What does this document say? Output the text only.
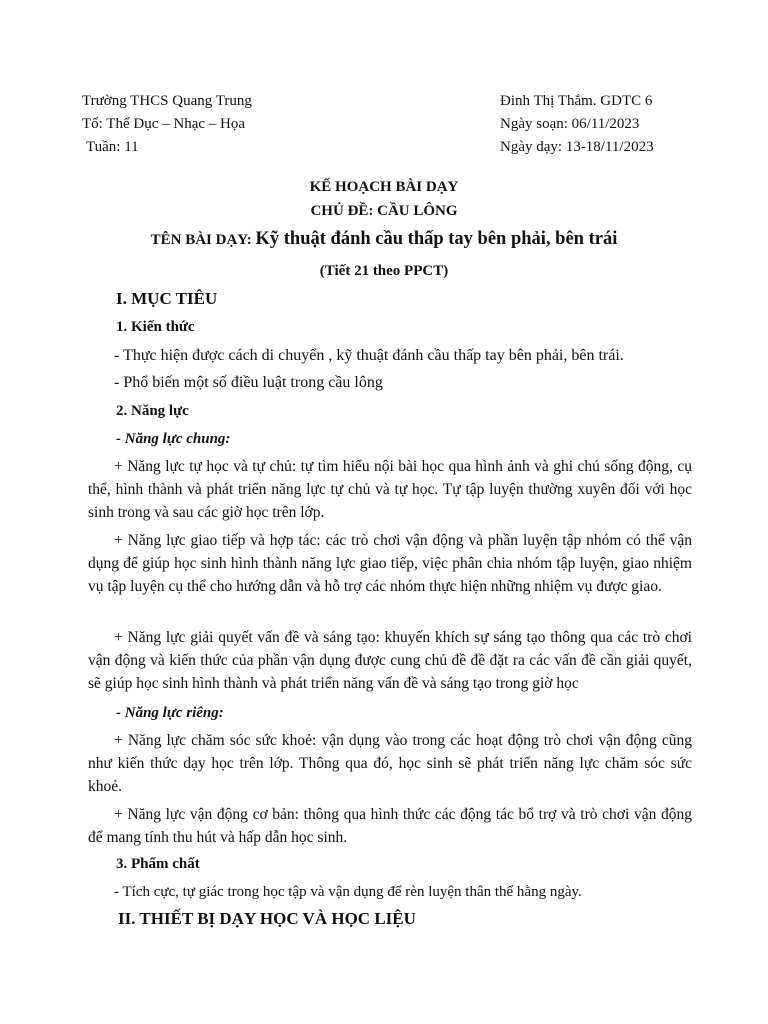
Trường THCS Quang Trung
Tổ: Thể Dục – Nhạc – Họa
Tuần: 11
Đinh Thị Thắm. GDTC 6
Ngày soạn: 06/11/2023
Ngày dạy: 13-18/11/2023
KẾ HOẠCH BÀI DẠY
CHỦ ĐỀ: CẦU LÔNG
TÊN BÀI DẠY: Kỹ thuật đánh cầu thấp tay bên phải, bên trái
(Tiết 21 theo PPCT)
I. MỤC TIÊU
1. Kiến thức
- Thực hiện được cách di chuyển , kỹ thuật đánh cầu thấp tay bên phải, bên trái.
- Phổ biến một số điều luật trong cầu lông
2. Năng lực
- Năng lực chung:
+ Năng lực tự học và tự chủ: tự tìm hiểu nội bài học qua hình ảnh và ghi chú sống động, cụ thể, hình thành và phát triển năng lực tự chủ và tự học. Tự tập luyện thường xuyên đối với học sinh trong và sau các giờ học trên lớp.
+ Năng lực giao tiếp và hợp tác: các trò chơi vận động và phần luyện tập nhóm có thể vận dụng để giúp học sinh hình thành năng lực giao tiếp, việc phân chia nhóm tập luyện, giao nhiệm vụ tập luyện cụ thể cho hướng dẫn và hỗ trợ các nhóm thực hiện những nhiệm vụ được giao.
+ Năng lực giải quyết vấn đề và sáng tạo: khuyến khích sự sáng tạo thông qua các trò chơi vận động và kiến thức của phần vận dụng được cung chủ đề đề đặt ra các vấn đề cần giải quyết, sẽ giúp học sinh hình thành và phát triển năng vấn đề và sáng tạo trong giờ học
- Năng lực riêng:
+ Năng lực chăm sóc sức khoẻ: vận dụng vào trong các hoạt động trò chơi vận động cũng như kiến thức dạy học trên lớp. Thông qua đó, học sinh sẽ phát triển năng lực chăm sóc sức khoẻ.
+ Năng lực vận động cơ bản: thông qua hình thức các động tác bổ trợ và trò chơi vận động để mang tính thu hút và hấp dẫn học sinh.
3. Phẩm chất
- Tích cực, tự giác trong học tập và vận dụng để rèn luyện thân thể hằng ngày.
II. THIẾT BỊ DẠY HỌC VÀ HỌC LIỆU
